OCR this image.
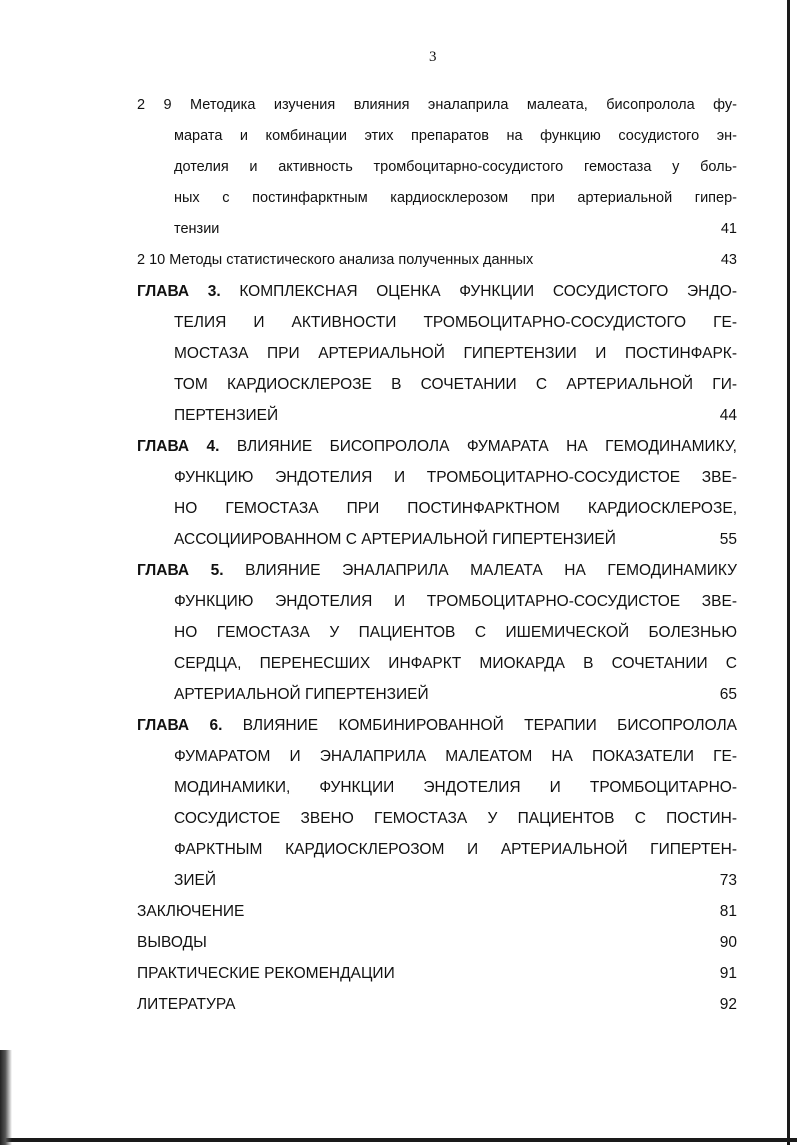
3
2 9 Методика изучения влияния эналаприла малеата, бисопролола фу-
марата и комбинации этих препаратов на функцию сосудистого эн-
дотелия и активность тромбоцитарно-сосудистого гемостаза у боль-
ных с постинфарктным кардиосклерозом при артериальной гипер-
тензии	41
2 10 Методы статистического анализа полученных данных	43
ГЛАВА 3. КОМПЛЕКСНАЯ ОЦЕНКА ФУНКЦИИ СОСУДИСТОГО ЭНДО-
ТЕЛИЯ И АКТИВНОСТИ ТРОМБОЦИТАРНО-СОСУДИСТОГО ГЕ-
МОСТАЗА ПРИ АРТЕРИАЛЬНОЙ ГИПЕРТЕНЗИИ И ПОСТИНФАРК-
ТОМ КАРДИОСКЛЕРОЗЕ В СОЧЕТАНИИ С АРТЕРИАЛЬНОЙ ГИ-
ПЕРТЕНЗИЕЙ	44
ГЛАВА 4. ВЛИЯНИЕ БИСОПРОЛОЛА ФУМАРАТА НА ГЕМОДИНАМИКУ,
ФУНКЦИЮ ЭНДОТЕЛИЯ И ТРОМБОЦИТАРНО-СОСУДИСТОЕ ЗВЕ-
НО ГЕМОСТАЗА ПРИ ПОСТИНФАРКТНОМ КАРДИОСКЛЕРОЗЕ,
АССОЦИИРОВАННОМ С АРТЕРИАЛЬНОЙ ГИПЕРТЕНЗИЕЙ	55
ГЛАВА 5. ВЛИЯНИЕ ЭНАЛАПРИЛА МАЛЕАТА НА ГЕМОДИНАМИКУ
ФУНКЦИЮ ЭНДОТЕЛИЯ И ТРОМБОЦИТАРНО-СОСУДИСТОЕ ЗВЕ-
НО ГЕМОСТАЗА У ПАЦИЕНТОВ С ИШЕМИЧЕСКОЙ БОЛЕЗНЬЮ
СЕРДЦА, ПЕРЕНЕСШИХ ИНФАРКТ МИОКАРДА В СОЧЕТАНИИ С
АРТЕРИАЛЬНОЙ ГИПЕРТЕНЗИЕЙ	65
ГЛАВА 6. ВЛИЯНИЕ КОМБИНИРОВАННОЙ ТЕРАПИИ БИСОПРОЛОЛА
ФУМАРАТОМ И ЭНАЛАПРИЛА МАЛЕАТОМ НА ПОКАЗАТЕЛИ ГЕ-
МОДИНАМИКИ, ФУНКЦИИ ЭНДОТЕЛИЯ И ТРОМБОЦИТАРНО-
СОСУДИСТОЕ ЗВЕНО ГЕМОСТАЗА У ПАЦИЕНТОВ С ПОСТИН-
ФАРКТНЫМ КАРДИОСКЛЕРОЗОМ И АРТЕРИАЛЬНОЙ ГИПЕРТЕН-
ЗИЕЙ	73
ЗАКЛЮЧЕНИЕ	81
ВЫВОДЫ	90
ПРАКТИЧЕСКИЕ РЕКОМЕНДАЦИИ	91
ЛИТЕРАТУРА	92
